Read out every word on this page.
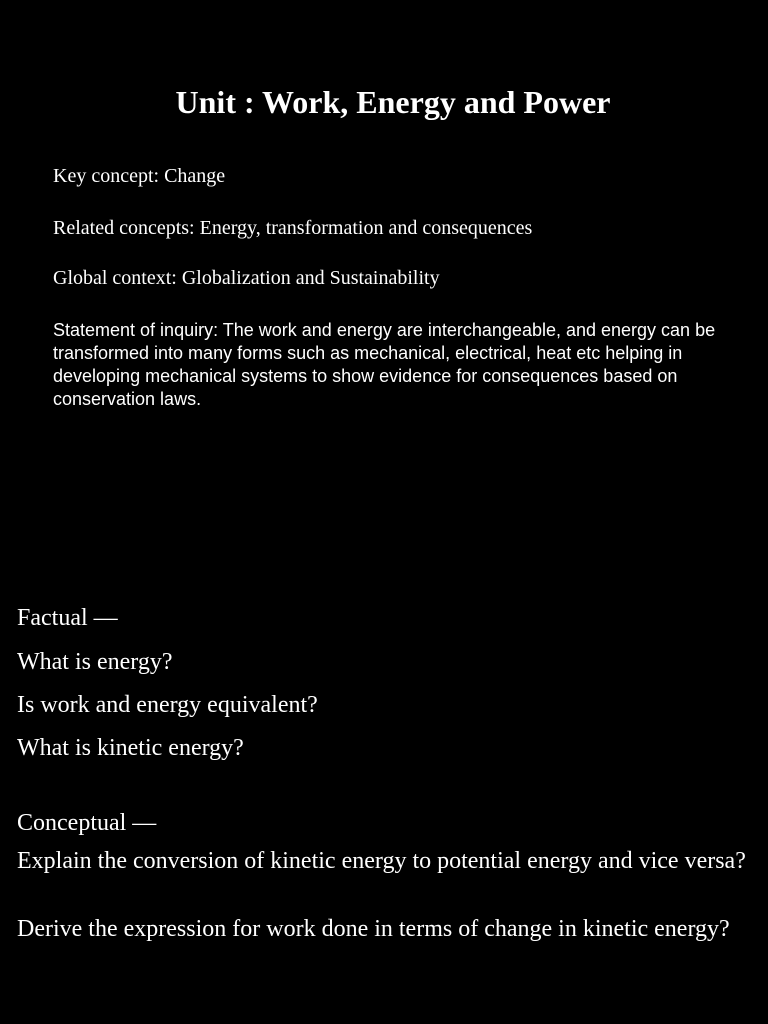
Unit : Work, Energy and Power

Key concept: Change

Related concepts: Energy, transformation and consequences

Global context: Globalization and Sustainability

Statement of inquiry: The work and energy are interchangeable, and energy can be transformed into many forms such as mechanical, electrical, heat etc helping in developing mechanical systems to show evidence for consequences based on conservation laws.

Factual —

What is energy?

Is work and energy equivalent?

What is kinetic energy?

Conceptual —

Explain the conversion of kinetic energy to potential energy and vice versa?

Derive the expression for work done in terms of change in kinetic energy?
